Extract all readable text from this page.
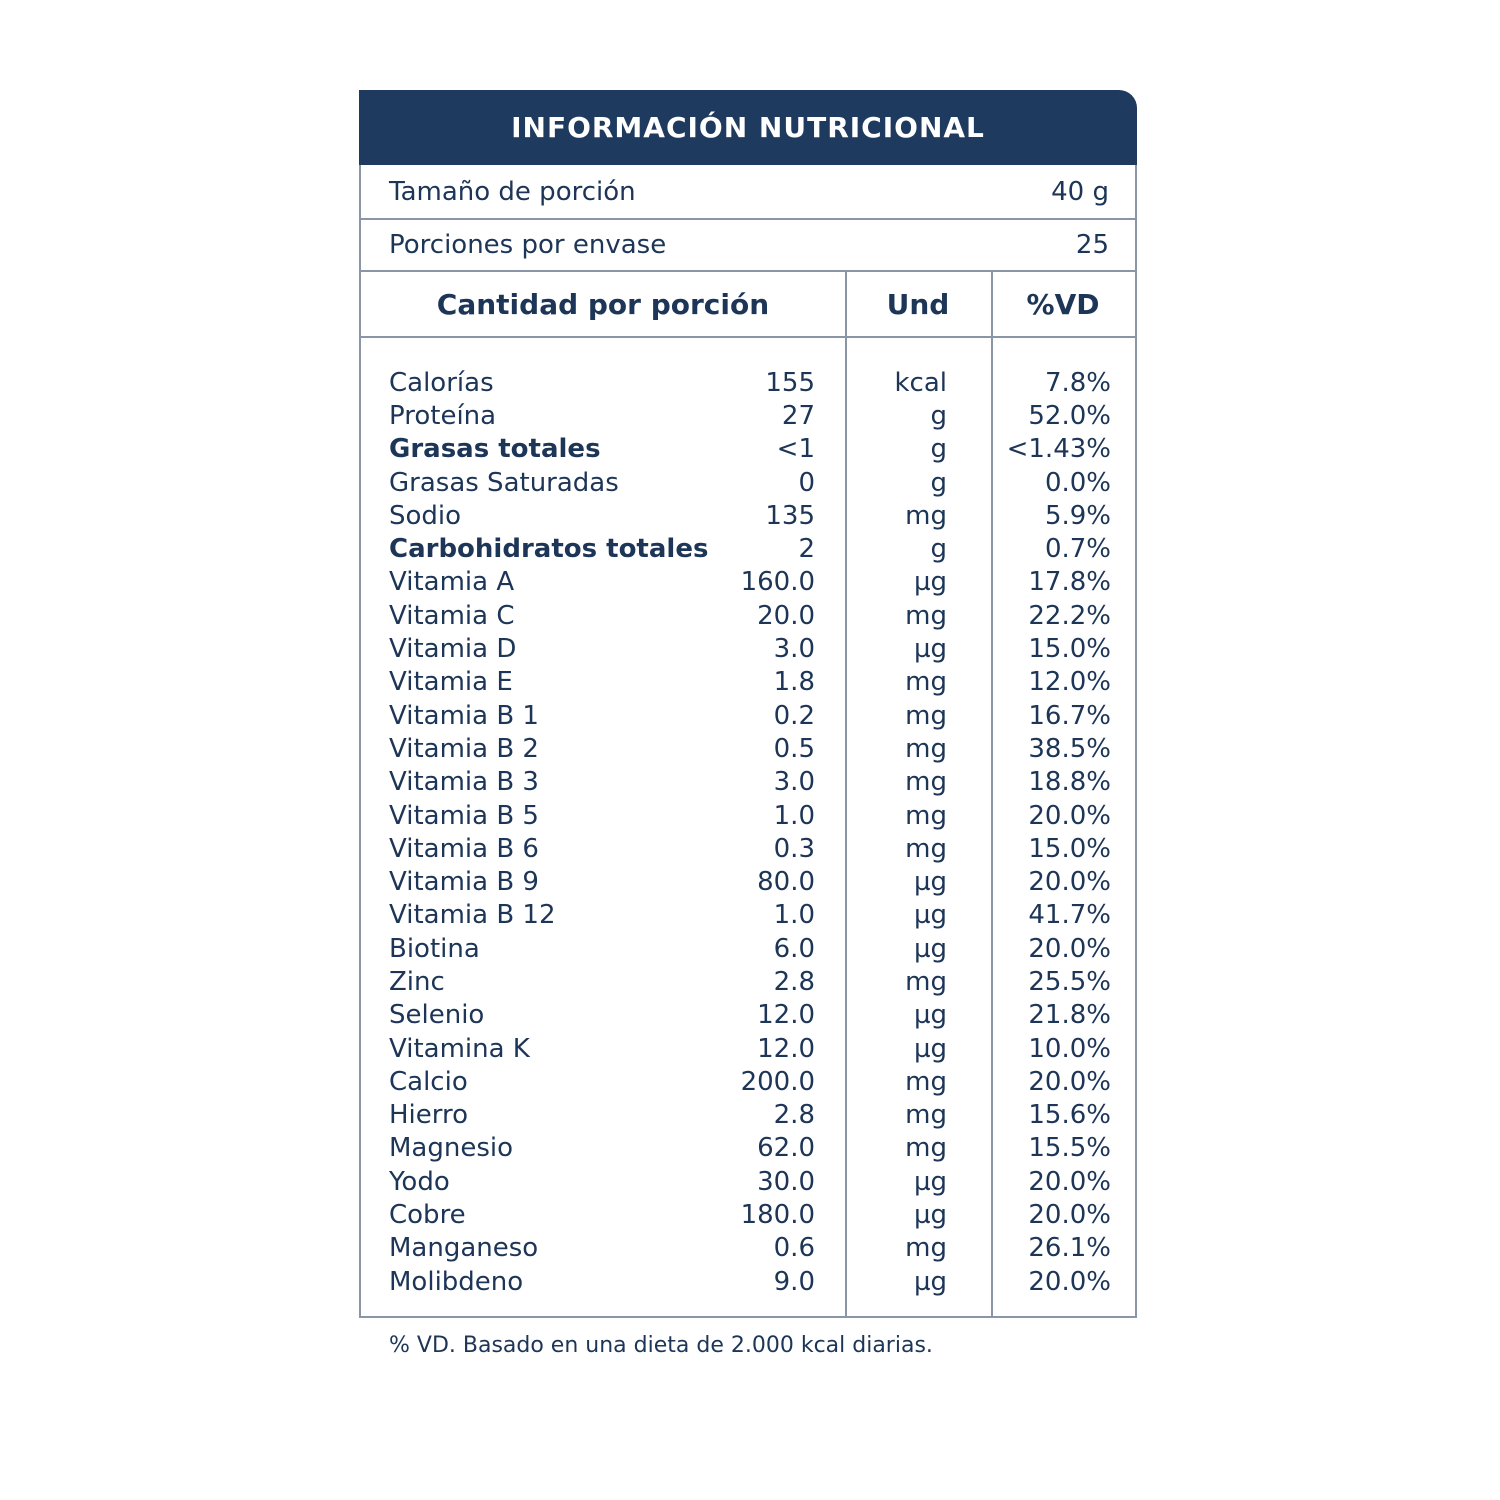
INFORMACIÓN NUTRICIONAL
Tamaño de porción	40 g
Porciones por envase	25
Cantidad por porción	Und	%VD
Calorías	155	kcal	7.8%
Proteína	27	g	52.0%
Grasas totales	<1	g	<1.43%
Grasas Saturadas	0	g	0.0%
Sodio	135	mg	5.9%
Carbohidratos totales	2	g	0.7%
Vitamia A	160.0	µg	17.8%
Vitamia C	20.0	mg	22.2%
Vitamia D	3.0	µg	15.0%
Vitamia E	1.8	mg	12.0%
Vitamia B 1	0.2	mg	16.7%
Vitamia B 2	0.5	mg	38.5%
Vitamia B 3	3.0	mg	18.8%
Vitamia B 5	1.0	mg	20.0%
Vitamia B 6	0.3	mg	15.0%
Vitamia B 9	80.0	µg	20.0%
Vitamia B 12	1.0	µg	41.7%
Biotina	6.0	µg	20.0%
Zinc	2.8	mg	25.5%
Selenio	12.0	µg	21.8%
Vitamina K	12.0	µg	10.0%
Calcio	200.0	mg	20.0%
Hierro	2.8	mg	15.6%
Magnesio	62.0	mg	15.5%
Yodo	30.0	µg	20.0%
Cobre	180.0	µg	20.0%
Manganeso	0.6	mg	26.1%
Molibdeno	9.0	µg	20.0%
% VD. Basado en una dieta de 2.000 kcal diarias.
